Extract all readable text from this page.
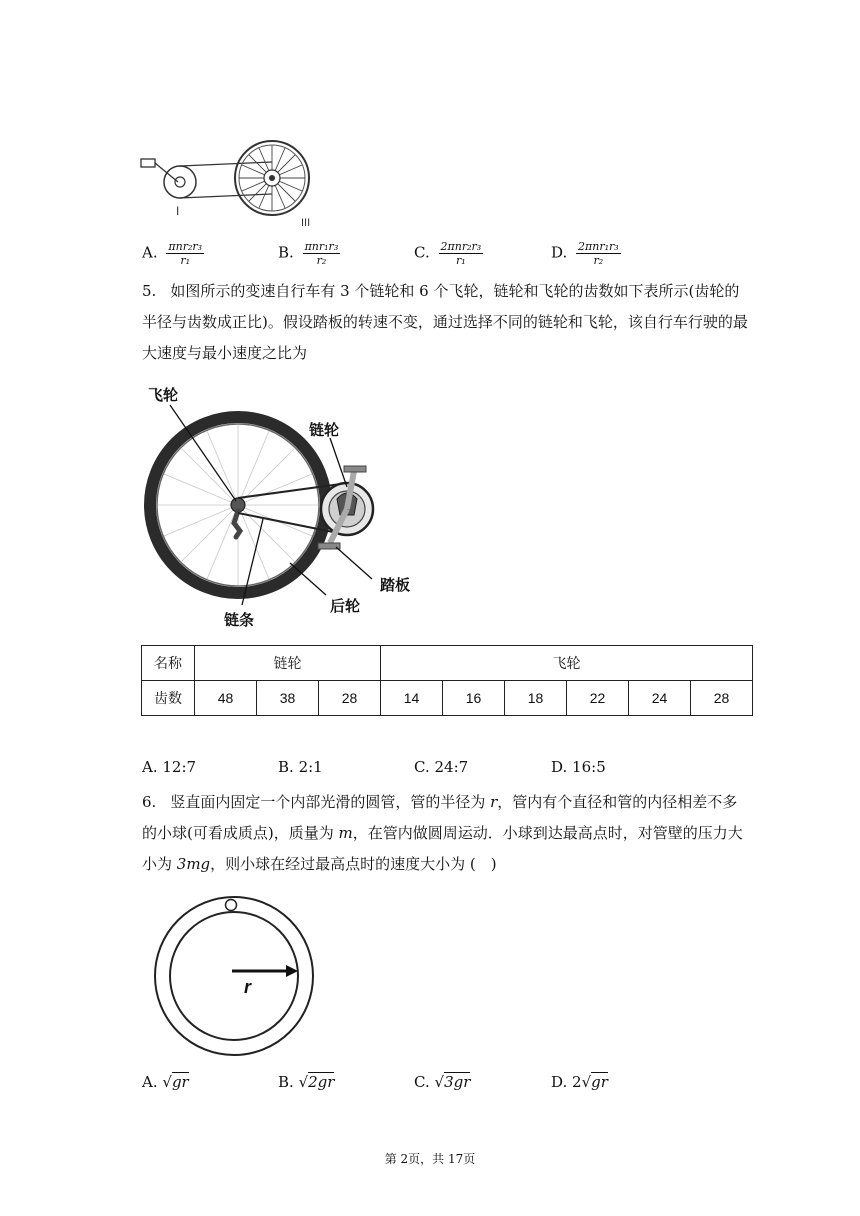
I
III
A. $\frac{\text{πnr₂r₃}}{\text{r₁}}$	B. $\frac{\text{πnr₁r₃}}{\text{r₂}}$	C. $\frac{\text{2πnr₂r₃}}{\text{r₁}}$	D. $\frac{\text{2πnr₁r₃}}{\text{r₂}}$
5. 如图所示的变速自行车有 3 个链轮和 6 个飞轮，链轮和飞轮的齿数如下表所示(齿轮的半径与齿数成正比)。假设踏板的转速不变，通过选择不同的链轮和飞轮，该自行车行驶的最大速度与最小速度之比为
飞轮
链轮
踏板
后轮
链条
名称	链轮			飞轮					
齿数	48	38	28	14	16	18	22	24	28
A. 12:7	B. 2:1	C. 24:7	D. 16:5
6. 竖直面内固定一个内部光滑的圆管，管的半径为 r，管内有个直径和管的内径相差不多的小球(可看成质点)，质量为 m，在管内做圆周运动．小球到达最高点时，对管壁的压力大小为 3mg，则小球在经过最高点时的速度大小为 (　)
r
A. √gr	B. √2gr	C. √3gr	D. 2√gr
第 2页，共 17页
